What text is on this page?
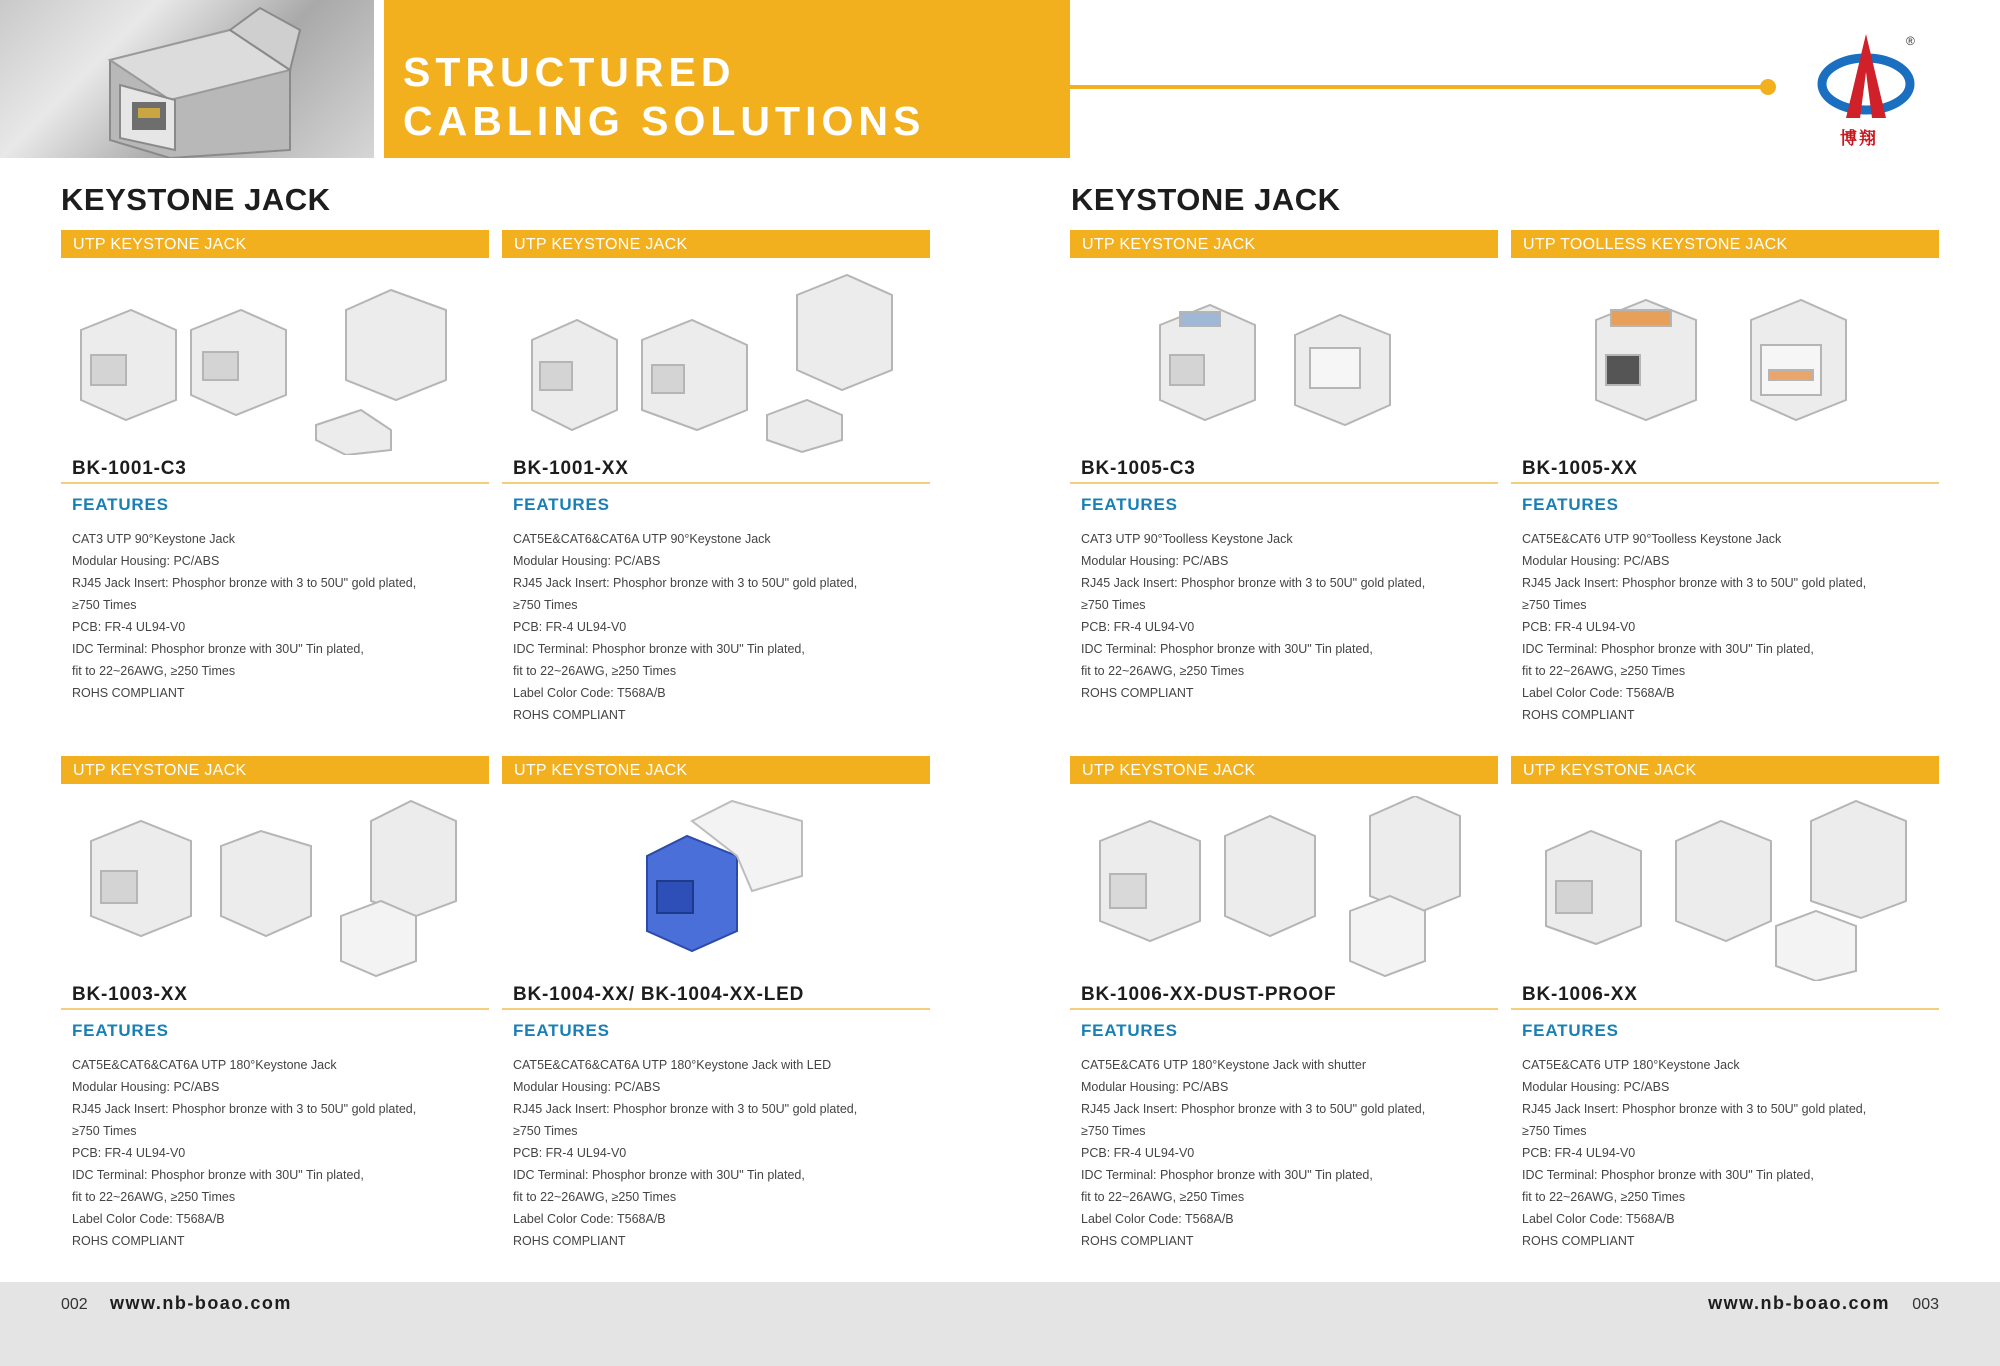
STRUCTURED
CABLING SOLUTIONS
®
博翔
KEYSTONE JACK	KEYSTONE JACK
UTP KEYSTONE JACK
BK-1001-C3
FEATURES
CAT3 UTP 90°Keystone Jack
Modular Housing: PC/ABS
RJ45 Jack Insert: Phosphor bronze with 3 to 50U" gold plated,
≥750 Times
PCB: FR-4 UL94-V0
IDC Terminal: Phosphor bronze with 30U" Tin plated,
fit to 22~26AWG, ≥250 Times
ROHS COMPLIANT
UTP KEYSTONE JACK
BK-1001-XX
FEATURES
CAT5E&CAT6&CAT6A UTP 90°Keystone Jack
Modular Housing: PC/ABS
RJ45 Jack Insert: Phosphor bronze with 3 to 50U" gold plated,
≥750 Times
PCB: FR-4 UL94-V0
IDC Terminal: Phosphor bronze with 30U" Tin plated,
fit to 22~26AWG, ≥250 Times
Label Color Code: T568A/B
ROHS COMPLIANT
UTP KEYSTONE JACK
BK-1005-C3
FEATURES
CAT3 UTP 90°Toolless Keystone Jack
Modular Housing: PC/ABS
RJ45 Jack Insert: Phosphor bronze with 3 to 50U" gold plated,
≥750 Times
PCB: FR-4 UL94-V0
IDC Terminal: Phosphor bronze with 30U" Tin plated,
fit to 22~26AWG, ≥250 Times
ROHS COMPLIANT
UTP TOOLLESS KEYSTONE JACK
BK-1005-XX
FEATURES
CAT5E&CAT6 UTP 90°Toolless Keystone Jack
Modular Housing: PC/ABS
RJ45 Jack Insert: Phosphor bronze with 3 to 50U" gold plated,
≥750 Times
PCB: FR-4 UL94-V0
IDC Terminal: Phosphor bronze with 30U" Tin plated,
fit to 22~26AWG, ≥250 Times
Label Color Code: T568A/B
ROHS COMPLIANT
UTP KEYSTONE JACK
BK-1003-XX
FEATURES
CAT5E&CAT6&CAT6A UTP 180°Keystone Jack
Modular Housing: PC/ABS
RJ45 Jack Insert: Phosphor bronze with 3 to 50U" gold plated,
≥750 Times
PCB: FR-4 UL94-V0
IDC Terminal: Phosphor bronze with 30U" Tin plated,
fit to 22~26AWG, ≥250 Times
Label Color Code: T568A/B
ROHS COMPLIANT
UTP KEYSTONE JACK
BK-1004-XX/ BK-1004-XX-LED
FEATURES
CAT5E&CAT6&CAT6A UTP 180°Keystone Jack with LED
Modular Housing: PC/ABS
RJ45 Jack Insert: Phosphor bronze with 3 to 50U" gold plated,
≥750 Times
PCB: FR-4 UL94-V0
IDC Terminal: Phosphor bronze with 30U" Tin plated,
fit to 22~26AWG, ≥250 Times
Label Color Code: T568A/B
ROHS COMPLIANT
UTP KEYSTONE JACK
BK-1006-XX-DUST-PROOF
FEATURES
CAT5E&CAT6 UTP 180°Keystone Jack with shutter
Modular Housing: PC/ABS
RJ45 Jack Insert: Phosphor bronze with 3 to 50U" gold plated,
≥750 Times
PCB: FR-4 UL94-V0
IDC Terminal: Phosphor bronze with 30U" Tin plated,
fit to 22~26AWG, ≥250 Times
Label Color Code: T568A/B
ROHS COMPLIANT
UTP KEYSTONE JACK
BK-1006-XX
FEATURES
CAT5E&CAT6 UTP 180°Keystone Jack
Modular Housing: PC/ABS
RJ45 Jack Insert: Phosphor bronze with 3 to 50U" gold plated,
≥750 Times
PCB: FR-4 UL94-V0
IDC Terminal: Phosphor bronze with 30U" Tin plated,
fit to 22~26AWG, ≥250 Times
Label Color Code: T568A/B
ROHS COMPLIANT
002 www.nb-boao.com	www.nb-boao.com 003
